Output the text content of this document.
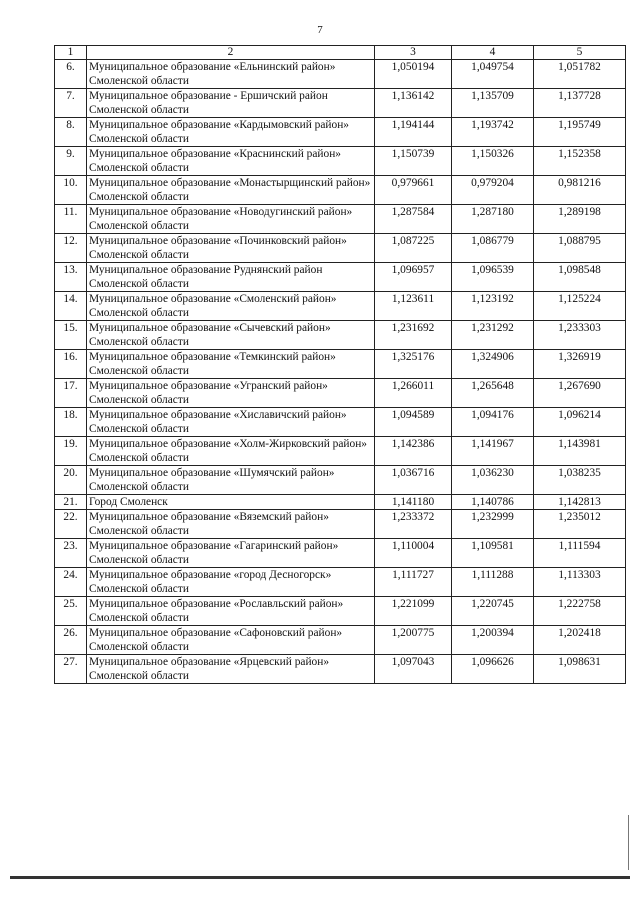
7
1	2	3	4	5
6.	Муниципальное образование «Ельнинский район» Смоленской области	1,050194	1,049754	1,051782
7.	Муниципальное образование - Ершичский район Смоленской области	1,136142	1,135709	1,137728
8.	Муниципальное образование «Кардымовский район» Смоленской области	1,194144	1,193742	1,195749
9.	Муниципальное образование «Краснинский район» Смоленской области	1,150739	1,150326	1,152358
10.	Муниципальное образование «Монастырщинский район» Смоленской области	0,979661	0,979204	0,981216
11.	Муниципальное образование «Новодугинский район» Смоленской области	1,287584	1,287180	1,289198
12.	Муниципальное образование «Починковский район» Смоленской области	1,087225	1,086779	1,088795
13.	Муниципальное образование Руднянский район Смоленской области	1,096957	1,096539	1,098548
14.	Муниципальное образование «Смоленский район» Смоленской области	1,123611	1,123192	1,125224
15.	Муниципальное образование «Сычевский район» Смоленской области	1,231692	1,231292	1,233303
16.	Муниципальное образование «Темкинский район» Смоленской области	1,325176	1,324906	1,326919
17.	Муниципальное образование «Угранский район» Смоленской области	1,266011	1,265648	1,267690
18.	Муниципальное образование «Хиславичский район» Смоленской области	1,094589	1,094176	1,096214
19.	Муниципальное образование «Холм-Жирковский район» Смоленской области	1,142386	1,141967	1,143981
20.	Муниципальное образование «Шумячский район» Смоленской области	1,036716	1,036230	1,038235
21.	Город Смоленск	1,141180	1,140786	1,142813
22.	Муниципальное образование «Вяземский район» Смоленской области	1,233372	1,232999	1,235012
23.	Муниципальное образование «Гагаринский район» Смоленской области	1,110004	1,109581	1,111594
24.	Муниципальное образование «город Десногорск» Смоленской области	1,111727	1,111288	1,113303
25.	Муниципальное образование «Рославльский район» Смоленской области	1,221099	1,220745	1,222758
26.	Муниципальное образование «Сафоновский район» Смоленской области	1,200775	1,200394	1,202418
27.	Муниципальное образование «Ярцевский район» Смоленской области	1,097043	1,096626	1,098631
